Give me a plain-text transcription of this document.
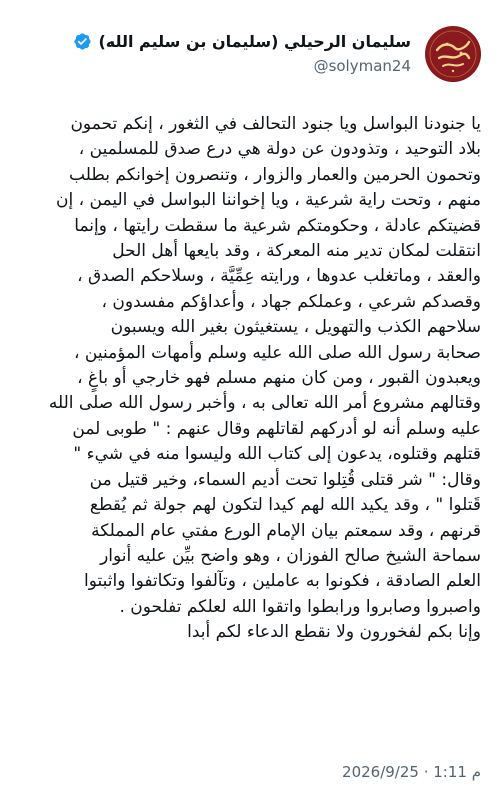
سليمان الرحيلي (سليمان بن سليم الله)
@solyman24
يا جنودنا البواسل ويا جنود التحالف في الثغور ، إنكم تحمون
بلاد التوحيد ، وتذودون عن دولة هي درع صدق للمسلمين ،
وتحمون الحرمين والعمار والزوار ، وتنصرون إخوانكم بطلب
منهم ، وتحت راية شرعية ، ويا إخواننا البواسل في اليمن ، إن
قضيتكم عادلة ، وحكومتكم شرعية ما سقطت رايتها ، وإنما
انتقلت لمكان تدير منه المعركة ، وقد بايعها أهل الحل
والعقد ، وماتغلب عدوها ، ورايته عِمِّيَّة ، وسلاحكم الصدق ،
وقصدكم شرعي ، وعملكم جهاد ، وأعداؤكم مفسدون ،
سلاحهم الكذب والتهويل ، يستغيثون بغير الله ويسبون
صحابة رسول الله صلى الله عليه وسلم وأمهات المؤمنين ،
ويعبدون القبور ، ومن كان منهم مسلم فهو خارجي أو باغٍ ،
وقتالهم مشروع أمر الله تعالى به ، وأخبر رسول الله صلى الله
عليه وسلم أنه لو أدركهم لقاتلهم وقال عنهم : " طوبى لمن
قتلهم وقتلوه، يدعون إلى كتاب الله وليسوا منه في شيء "
وقال: " شر قتلى قُتِلوا تحت أديم السماء، وخير قتيل من
قَتلوا " ، وقد يكيد الله لهم كيدا لتكون لهم جولة ثم يُقطع
قرنهم ، وقد سمعتم بيان الإمام الورع مفتي عام المملكة
سماحة الشيخ صالح الفوزان ، وهو واضح بيِّن عليه أنوار
العلم الصادقة ، فكونوا به عاملين ، وتآلفوا وتكاتفوا واثبتوا
واصبروا وصابروا ورابطوا واتقوا الله لعلكم تفلحون .
وإنا بكم لفخورون ولا نقطع الدعاء لكم أبدا
2026/9/25 · 1:11 م
